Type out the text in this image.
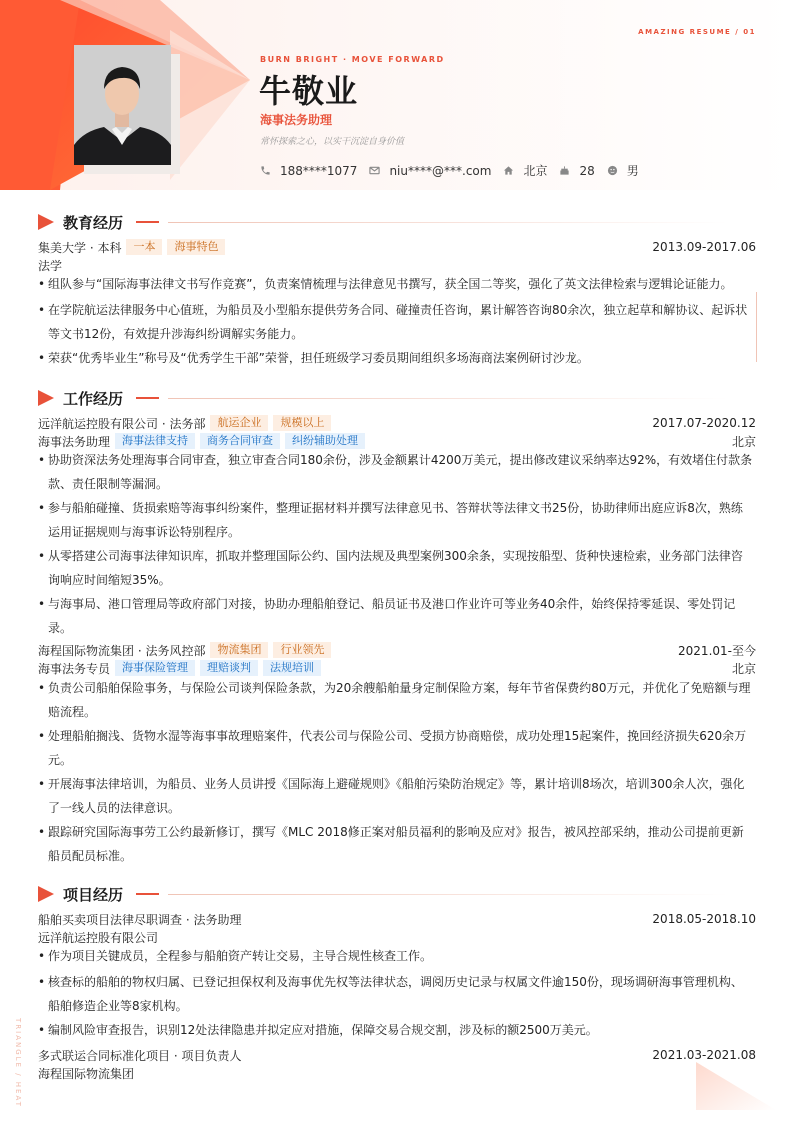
AMAZING RESUME / 01
BURN BRIGHT · MOVE FORWARD
牛敬业
海事法务助理
常怀探索之心，以实干沉淀自身价值
188****1077	niu****@***.com	北京	28	男
教育经历
集美大学 · 本科	一本	海事特色	2013.09-2017.06
法学
• 组队参与“国际海事法律文书写作竞赛”，负责案情梳理与法律意见书撰写，获全国二等奖，强化了英文法律检索与逻辑论证能力。
• 在学院航运法律服务中心值班，为船员及小型船东提供劳务合同、碰撞责任咨询，累计解答咨询80余次，独立起草和解协议、起诉状等文书12份，有效提升涉海纠纷调解实务能力。
• 荣获“优秀毕业生”称号及“优秀学生干部”荣誉，担任班级学习委员期间组织多场海商法案例研讨沙龙。
工作经历
远洋航运控股有限公司 · 法务部	航运企业	规模以上	2017.07-2020.12
海事法务助理	海事法律支持	商务合同审查	纠纷辅助处理	北京
• 协助资深法务处理海事合同审查，独立审查合同180余份，涉及金额累计4200万美元，提出修改建议采纳率达92%，有效堵住付款条款、责任限制等漏洞。
• 参与船舶碰撞、货损索赔等海事纠纷案件，整理证据材料并撰写法律意见书、答辩状等法律文书25份，协助律师出庭应诉8次，熟练运用证据规则与海事诉讼特别程序。
• 从零搭建公司海事法律知识库，抓取并整理国际公约、国内法规及典型案例300余条，实现按船型、货种快速检索，业务部门法律咨询响应时间缩短35%。
• 与海事局、港口管理局等政府部门对接，协助办理船舶登记、船员证书及港口作业许可等业务40余件，始终保持零延误、零处罚记录。
海程国际物流集团 · 法务风控部	物流集团	行业领先	2021.01-至今
海事法务专员	海事保险管理	理赔谈判	法规培训	北京
• 负责公司船舶保险事务，与保险公司谈判保险条款，为20余艘船舶量身定制保险方案，每年节省保费约80万元，并优化了免赔额与理赔流程。
• 处理船舶搁浅、货物水湿等海事事故理赔案件，代表公司与保险公司、受损方协商赔偿，成功处理15起案件，挽回经济损失620余万元。
• 开展海事法律培训，为船员、业务人员讲授《国际海上避碰规则》《船舶污染防治规定》等，累计培训8场次，培训300余人次，强化了一线人员的法律意识。
• 跟踪研究国际海事劳工公约最新修订，撰写《MLC 2018修正案对船员福利的影响及应对》报告，被风控部采纳，推动公司提前更新船员配员标准。
项目经历
船舶买卖项目法律尽职调查 · 法务助理	2018.05-2018.10
远洋航运控股有限公司
• 作为项目关键成员，全程参与船舶资产转让交易，主导合规性核查工作。
• 核查标的船舶的物权归属、已登记担保权利及海事优先权等法律状态，调阅历史记录与权属文件逾150份，现场调研海事管理机构、船舶修造企业等8家机构。
• 编制风险审查报告，识别12处法律隐患并拟定应对措施，保障交易合规交割，涉及标的额2500万美元。
多式联运合同标准化项目 · 项目负责人	2021.03-2021.08
海程国际物流集团
TRIANGLE / HEAT
